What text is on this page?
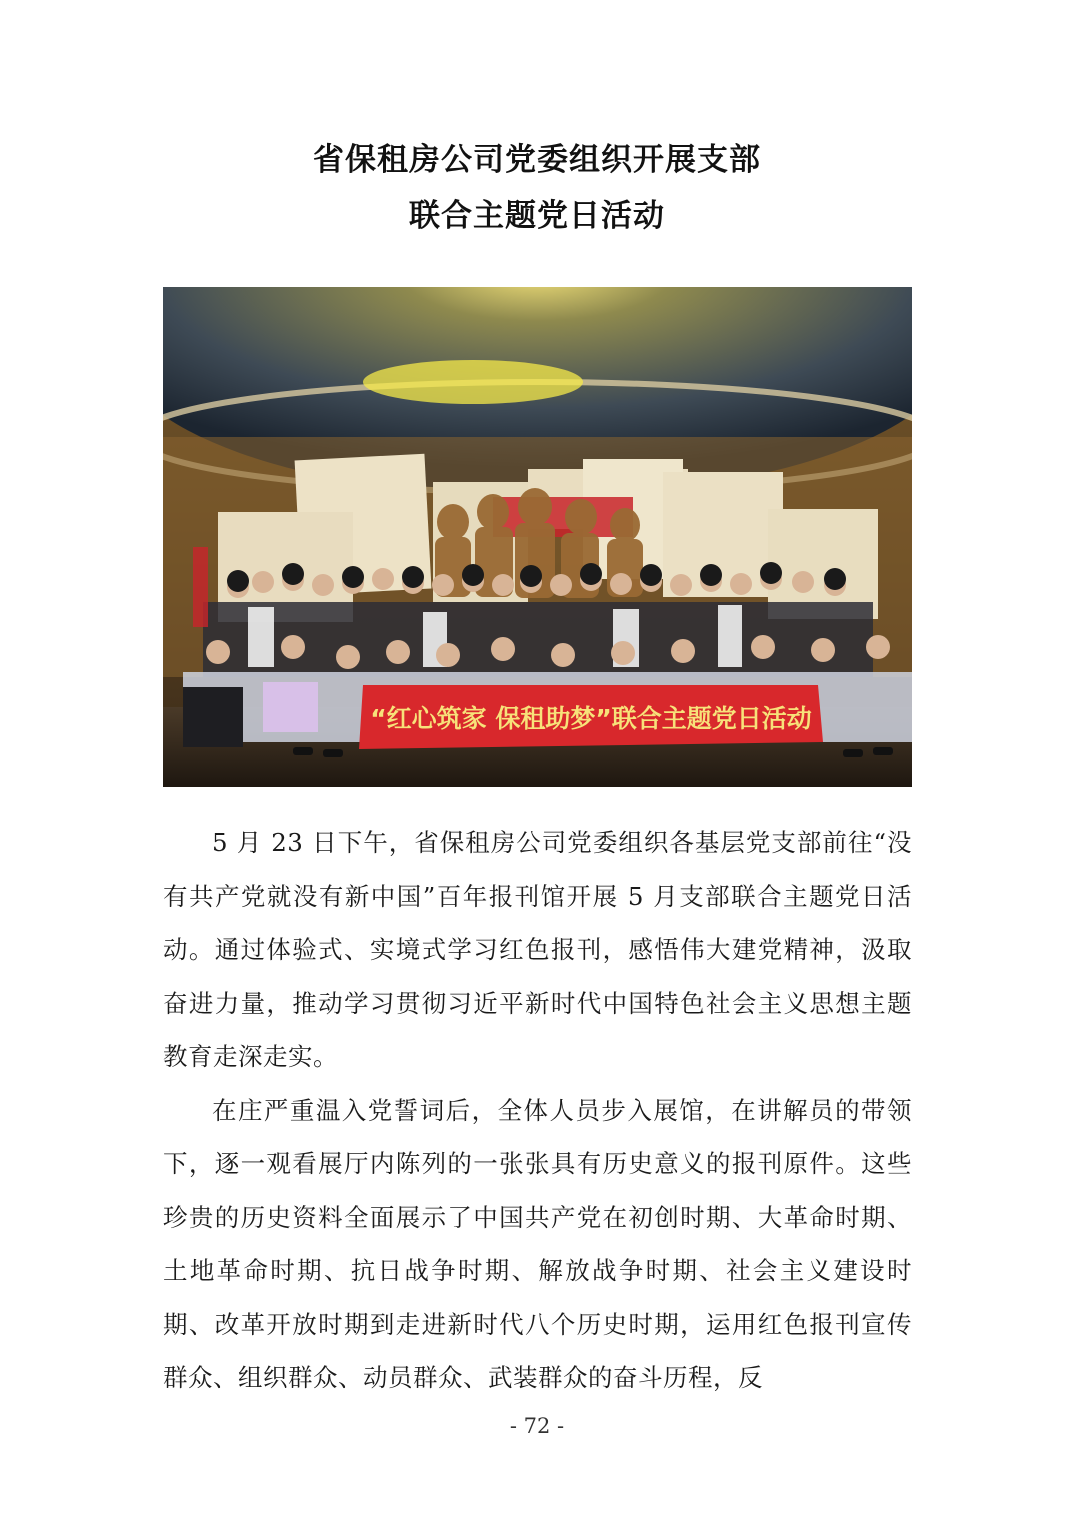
省保租房公司党委组织开展支部
联合主题党日活动
“红心筑家 保租助梦”联合主题党日活动

5 月 23 日下午，省保租房公司党委组织各基层党支部前往“没有共产党就没有新中国”百年报刊馆开展 5 月支部联合主题党日活动。通过体验式、实境式学习红色报刊，感悟伟大建党精神，汲取奋进力量，推动学习贯彻习近平新时代中国特色社会主义思想主题教育走深走实。

在庄严重温入党誓词后，全体人员步入展馆，在讲解员的带领下，逐一观看展厅内陈列的一张张具有历史意义的报刊原件。这些珍贵的历史资料全面展示了中国共产党在初创时期、大革命时期、土地革命时期、抗日战争时期、解放战争时期、社会主义建设时期、改革开放时期到走进新时代八个历史时期，运用红色报刊宣传群众、组织群众、动员群众、武装群众的奋斗历程，反

- 72 -
